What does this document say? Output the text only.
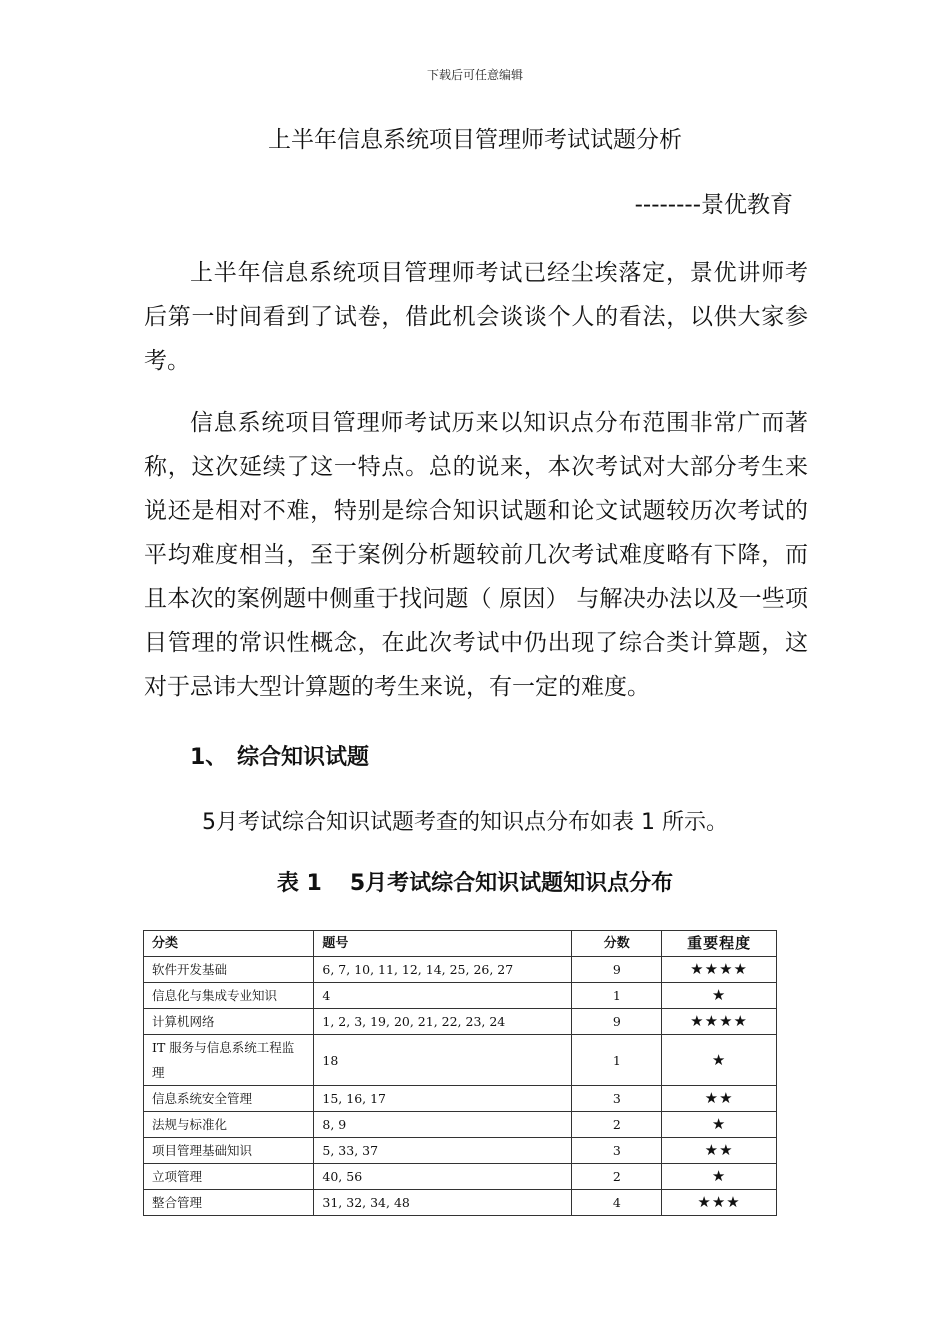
下载后可任意编辑
上半年信息系统项目管理师考试试题分析
--------景优教育

上半年信息系统项目管理师考试已经尘埃落定，景优讲师考后第一时间看到了试卷，借此机会谈谈个人的看法，以供大家参考。

信息系统项目管理师考试历来以知识点分布范围非常广而著称，这次延续了这一特点。总的说来，本次考试对大部分考生来说还是相对不难，特别是综合知识试题和论文试题较历次考试的平均难度相当，至于案例分析题较前几次考试难度略有下降，而且本次的案例题中侧重于找问题（ 原因） 与解决办法以及一些项目管理的常识性概念，在此次考试中仍出现了综合类计算题，这对于忌讳大型计算题的考生来说，有一定的难度。

1、 综合知识试题

5月考试综合知识试题考查的知识点分布如表 1 所示。

表 1 5月考试综合知识试题知识点分布
分类	题号	分数	重要程度
软件开发基础	6, 7, 10, 11, 12, 14, 25, 26, 27	9	★★★★
信息化与集成专业知识	4	1	★
计算机网络	1, 2, 3, 19, 20, 21, 22, 23, 24	9	★★★★
IT 服务与信息系统工程监理	18	1	★
信息系统安全管理	15, 16, 17	3	★★
法规与标准化	8, 9	2	★
项目管理基础知识	5, 33, 37	3	★★
立项管理	40, 56	2	★
整合管理	31, 32, 34, 48	4	★★★
